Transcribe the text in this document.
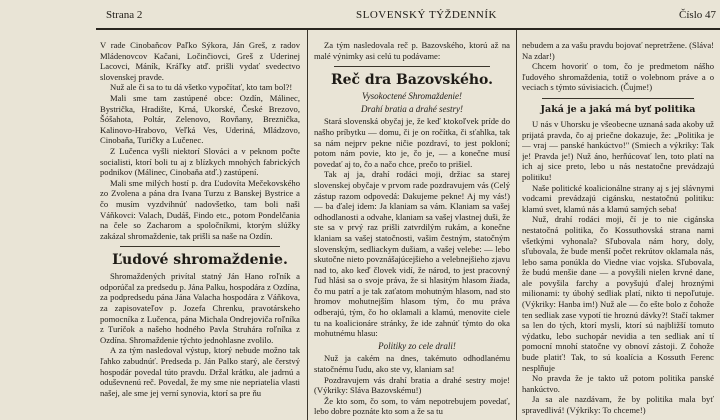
Strana 2	SLOVENSKÝ TÝŽDENNÍK	Číslo 47

V rade Cinobaňcov Paľko Sýkora, Ján Greš, z radov Mládenovcov Kačani, Ločinčiovci, Greš z Uderinej Lacovci, Máník, Kráľky atď. prišli vydať svedectvo slovenskej pravde.

Nuž ale či sa to tu dá všetko vypočítať, kto tam bol?!

Mali sme tam zastúpené obce: Ozdín, Málinec, Bystrička, Hradište, Krná, Ukorské, České Brezovo, Šóšahota, Poltár, Zelenovo, Rovňany, Breznička, Kalinovo-Hrabovo, Veľká Ves, Uderiná, Mládzovo, Cinobaňa, Turičky a Lučenec.

Z Lučenca vyšli niektorí Slováci a v peknom počte socialisti, ktorí boli tu aj z blízkych mnohých fabrických podnikov (Málinec, Cinobaňa atď.) zastúpení.

Mali sme milých hostí p. dra Ľudovíta Mečekovského zo Zvolena a pána dra Ivana Turzu z Banskej Bystrice a čo musím vyzdvihnúť nadovšetko, tam boli naši Váňkovci: Valach, Dudáš, Findo etc., potom Pondelčania na čele so Zacharom a spoločníkmi, ktorým slúžky zakázal shromaždenie, tak prišli sa naše na Ozdín.

Ľudové shromaždenie.

Shromaždených privítal statný Ján Hano roľník a odporúčal za predsedu p. Jána Palku, hospodára z Ozdína, za podpredsedu pána Jána Valacha hospodára z Váňkova, za zapisovateľov p. Jozefa Chrenku, pravotárskeho pomocníka z Lučenca, pána Michala Ondrejoviča roľníka z Turíčok a našeho hodného Pavla Struhára roľníka z Ozdína. Shromaždenie týchto jednohlasne zvolilo.

A za tým nasledoval výstup, ktorý nebude možno tak ľahko zabudnúť. Predseda p. Ján Palko starý, ale čerstvý hospodár povedal túto pravdu. Držal krátku, ale jadrnú a oduševnenú reč. Povedal, že my sme nie nepriatelia vlasti našej, ale sme jej verní synovia, ktorí sa pre ňu

Za tým nasledovala reč p. Bazovského, ktorú až na malé výnimky asi celú tu podávame:

Reč dra Bazovského.
Vysokoctené Shromaždenie!
Drahí bratia a drahé sestry!

Stará slovenská obyčaj je, že keď ktokoľvek príde do našho príbytku — domu, či je on ročítka, či sťahlka, tak sa nám nejprv pekne ničie pozdraví, to jest pokloní; potom nám povie, kto je, čo je, — a konečne musí povedať aj to, čo a načo chce, prečo to prišiel.

Tak aj ja, drahí rodáci moji, držiac sa starej slovenskej obyčaje v prvom rade pozdravujem vás (Celý zástup razom odpovedá: Dakujeme pekne! Aj my vás!) — ba ďalej idem: Ja klaniam sa vám. Klaniam sa vašej odhodlanosti a odvahe, klaniam sa vašej vlastnej duši, že ste sa v prvý raz prišli zatvrdilým rukám, a konečne klaniam sa vašej statočnosti, vašim čestným, statočným slovenským, sedliackym dušiam, a vašej velebe: — lebo skutočne nieto povznášajúcejšieho a velebnejšieho zjavu nad to, ako keď človek vidí, že národ, to jest pracovný ľud hlási sa o svoje práva, že si hlasitým hlasom žiada, čo mu patrí a je tak zaťatom mohutným hlasom, nad sto hromov mohutnejším hlasom tým, čo mu práva odberajú, tým, čo ho oklamali a klamú, menovite ciele tu na koalicionáre stránky, že ide zahnúť týmto do oka mohutnému hlasu:

Politiky zo cele drali!

Nuž ja cakém na dnes, takémuto odhodlanému statočnému ľudu, ako ste vy, klaniam sa!

Pozdravujem vás drahí bratia a drahé sestry moje! (Výkriky: Sláva Bazovskému!)

Že kto som, čo som, to vám nepotrebujem povedať, lebo dobre poznáte kto som a že sa tu

nebudem a za vašu pravdu bojovať nepretržene. (Sláva! Na zdar!)

Chcem hovoriť o tom, čo je predmetom nášho ľudového shromaždenia, totiž o volebnom práve a o veciach s týmto súvisiacich. (Čujme!)

Jaká je a jaká má byť politika

U nás v Uhorsku je všeobecne uznaná sada akoby už prijatá pravda, čo aj priečne dokazuje, že: „Politika je — vraj — panské hankúctvo!" (Smiech a výkriky: Tak je! Pravda je!) Nuž áno, herňúcovať len, toto platí na ich aj sice preto, lebo u nás nestatočne prevádzajú politiku!

Naše politické koalicionálne strany aj s jej slávnymi vodcami prevádzajú cigánsku, nestatočnú politiku: klamú svet, klamú nás a klamú samých seba!

Nuž, drahí rodáci moji, čí je to nie cigánska nestatočná politika, čo Kossuthovská strana nami všetkými vyhonala? Sľubovala nám hory, doly, sľubovala, že bude menší počet rekrútov oklamala nás, lebo sama ponúkla do Viedne viac vojska. Sľubovala, že budú menšie dane — a povyšili nielen krvné dane, ale povyšila farchy a povyšujú ďalej hroznými milionami: ty úbohý sedliak platí, nikto ti nepoľutuje. (Výkriky: Hanba im!) Nuž ale — čo ešte bolo z čohože ten sedliak zase vypotí tie hroznú dávky?! Stačí takmer sa len do tých, ktorí mysli, ktorí sú najbližší tomuto výdatku, lebo suchopár nevidia a ten sedliak aní tí pomocní mnohí statočne vy obnoví zástoji. Z čohože bude platiť! Tak, to sú koalícia a Kossuth Ferenc nesplňuje

No pravda že je takto už potom politika panské hankúctvo.

Ja sa ale nazdávam, že by politika mala byť spravedlivá! (Výkriky: To chceme!)
